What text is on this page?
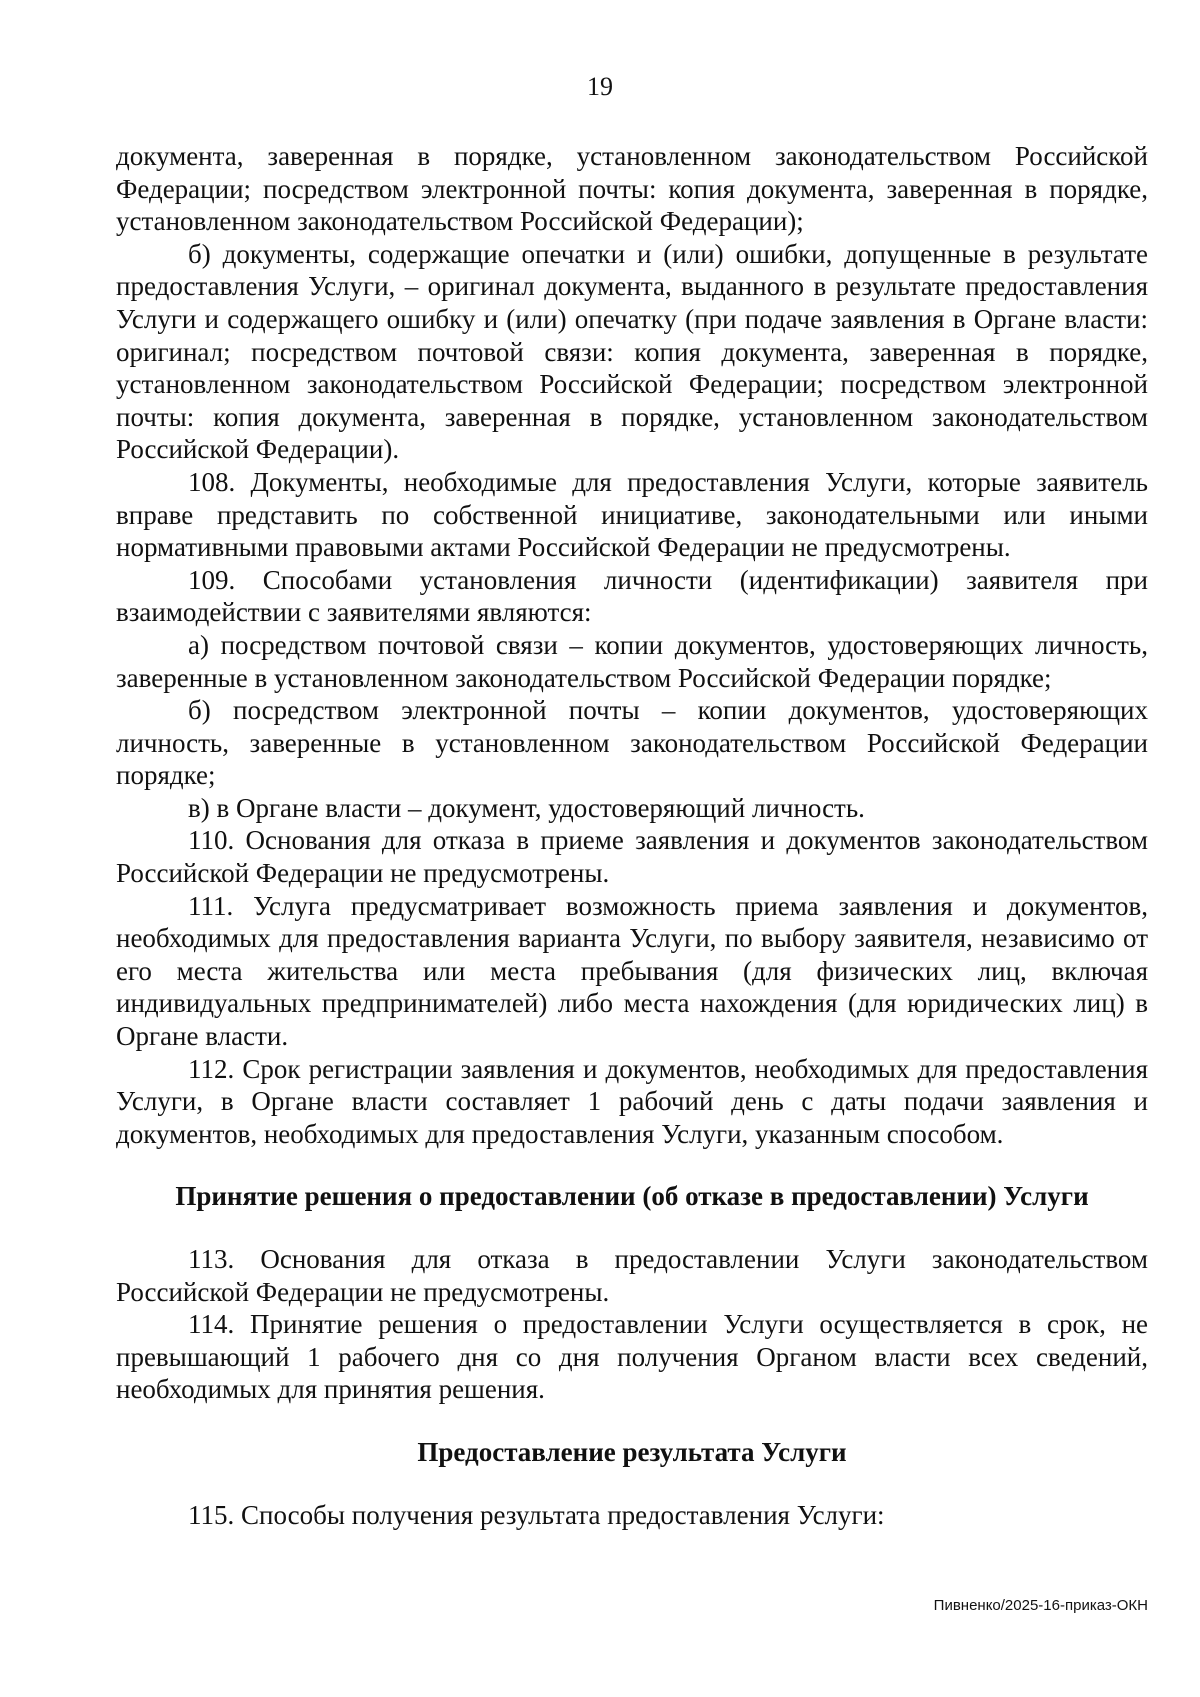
19

документа, заверенная в порядке, установленном законодательством Российской Федерации; посредством электронной почты: копия документа, заверенная в порядке, установленном законодательством Российской Федерации);

б) документы, содержащие опечатки и (или) ошибки, допущенные в результате предоставления Услуги, – оригинал документа, выданного в результате предоставления Услуги и содержащего ошибку и (или) опечатку (при подаче заявления в Органе власти: оригинал; посредством почтовой связи: копия документа, заверенная в порядке, установленном законодательством Российской Федерации; посредством электронной почты: копия документа, заверенная в порядке, установленном законодательством Российской Федерации).

108. Документы, необходимые для предоставления Услуги, которые заявитель вправе представить по собственной инициативе, законодательными или иными нормативными правовыми актами Российской Федерации не предусмотрены.

109. Способами установления личности (идентификации) заявителя при взаимодействии с заявителями являются:

а) посредством почтовой связи – копии документов, удостоверяющих личность, заверенные в установленном законодательством Российской Федерации порядке;

б) посредством электронной почты – копии документов, удостоверяющих личность, заверенные в установленном законодательством Российской Федерации порядке;

в) в Органе власти – документ, удостоверяющий личность.

110. Основания для отказа в приеме заявления и документов законодательством Российской Федерации не предусмотрены.

111. Услуга предусматривает возможность приема заявления и документов, необходимых для предоставления варианта Услуги, по выбору заявителя, независимо от его места жительства или места пребывания (для физических лиц, включая индивидуальных предпринимателей) либо места нахождения (для юридических лиц) в Органе власти.

112. Срок регистрации заявления и документов, необходимых для предоставления Услуги, в Органе власти составляет 1 рабочий день с даты подачи заявления и документов, необходимых для предоставления Услуги, указанным способом.

Принятие решения о предоставлении (об отказе в предоставлении) Услуги

113. Основания для отказа в предоставлении Услуги законодательством Российской Федерации не предусмотрены.

114. Принятие решения о предоставлении Услуги осуществляется в срок, не превышающий 1 рабочего дня со дня получения Органом власти всех сведений, необходимых для принятия решения.

Предоставление результата Услуги

115. Способы получения результата предоставления Услуги:

Пивненко/2025-16-приказ-ОКН
